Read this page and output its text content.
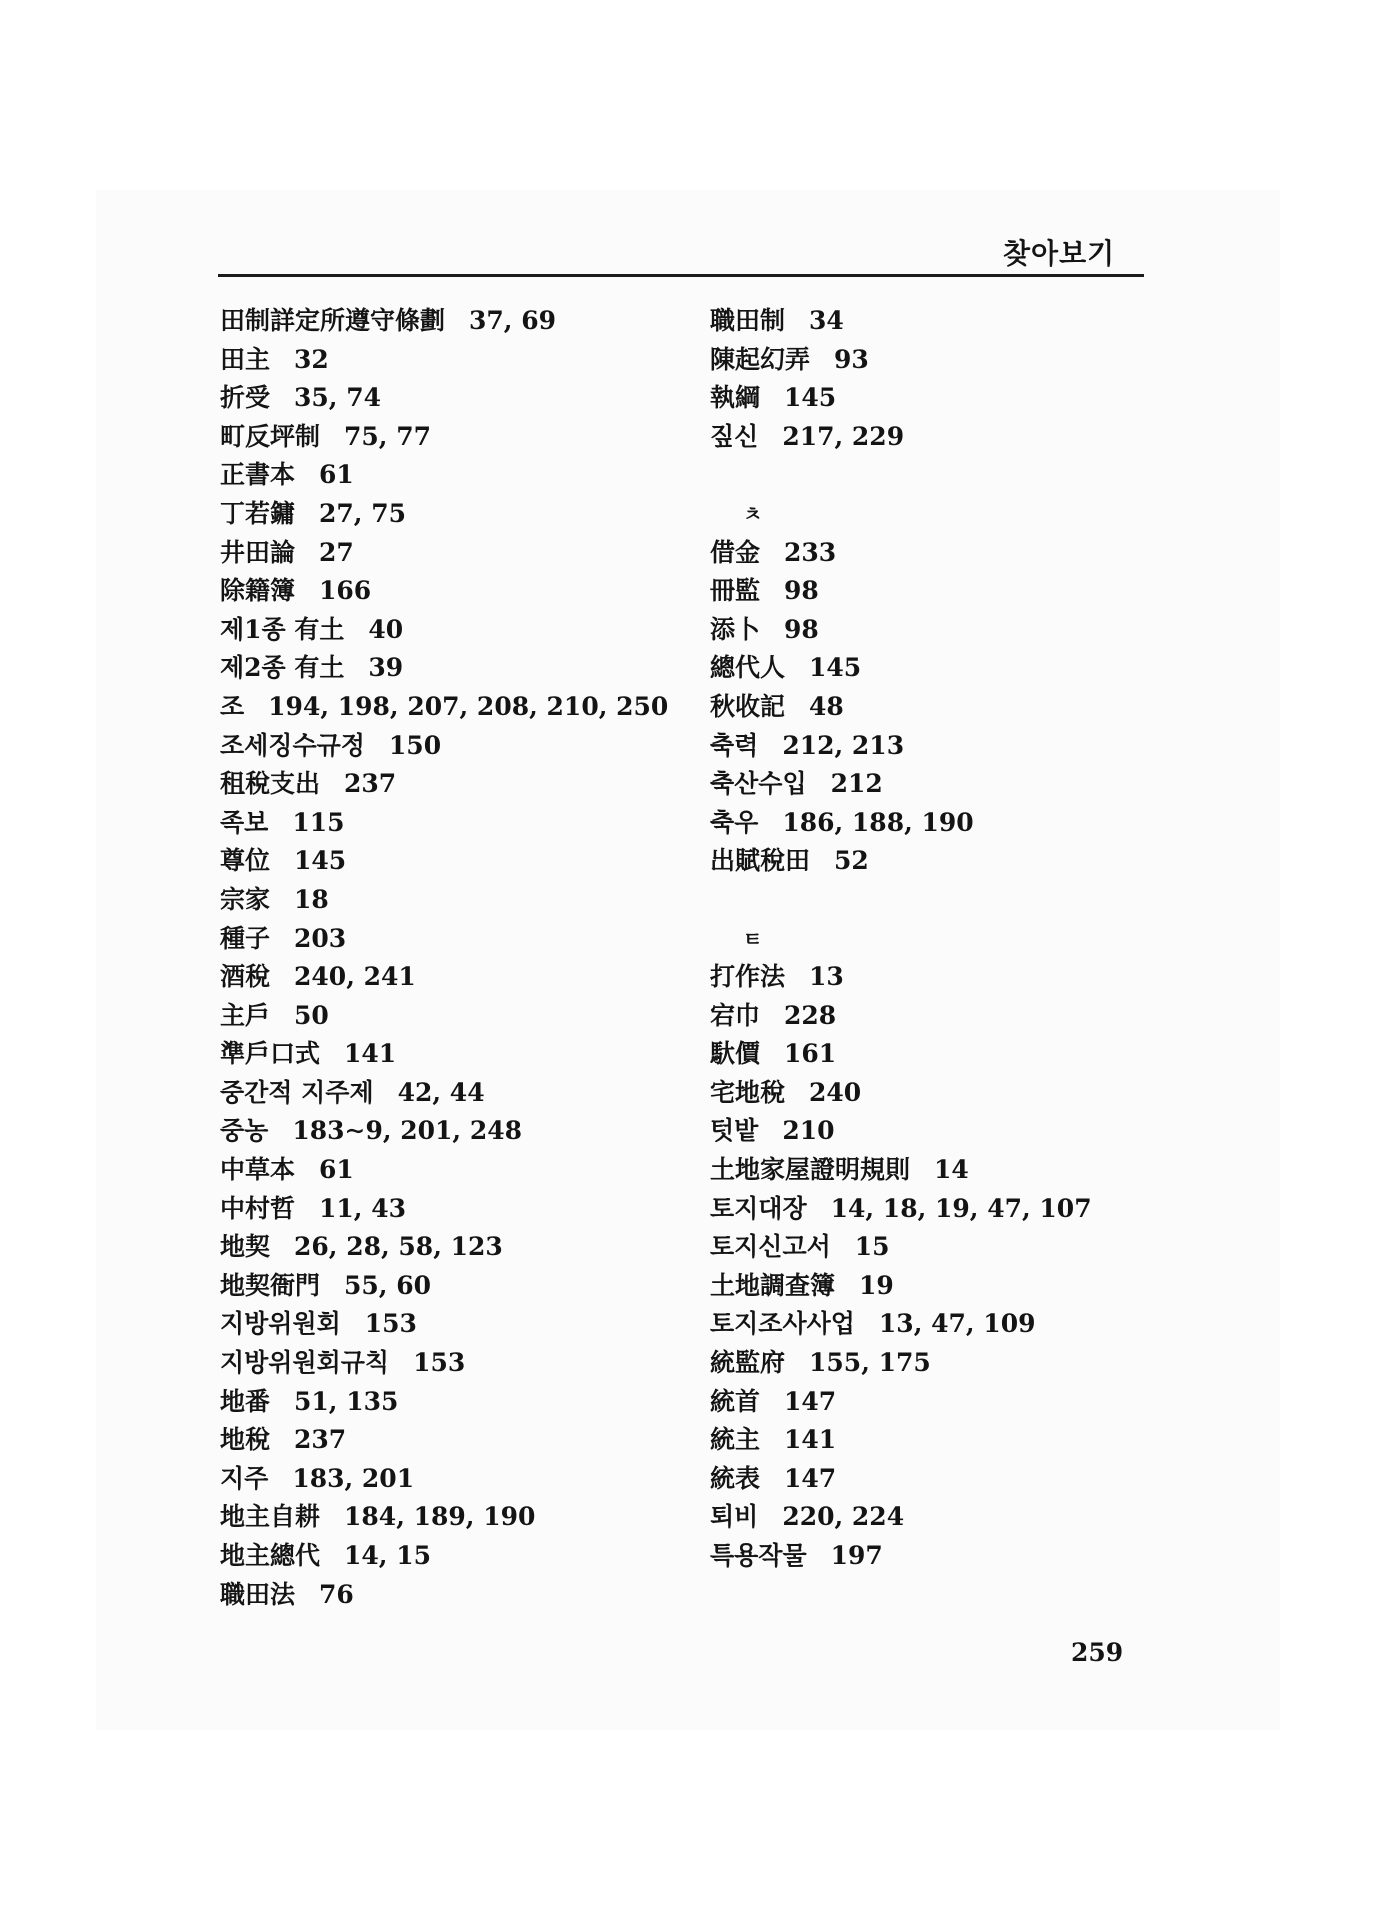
찾아보기
田制詳定所遵守條劃 37, 69
田主 32
折受 35, 74
町反坪制 75, 77
正書本 61
丁若鏞 27, 75
井田論 27
除籍簿 166
제1종 有土 40
제2종 有土 39
조 194, 198, 207, 208, 210, 250
조세징수규정 150
租稅支出 237
족보 115
尊位 145
宗家 18
種子 203
酒稅 240, 241
主戶 50
準戶口式 141
중간적 지주제 42, 44
중농 183∼9, 201, 248
中草本 61
中村哲 11, 43
地契 26, 28, 58, 123
地契衙門 55, 60
지방위원회 153
지방위원회규칙 153
地番 51, 135
地稅 237
지주 183, 201
地主自耕 184, 189, 190
地主總代 14, 15
職田法 76
職田制 34
陳起幻弄 93
執綱 145
짚신 217, 229
ㅊ
借金 233
冊監 98
添卜 98
總代人 145
秋收記 48
축력 212, 213
축산수입 212
축우 186, 188, 190
出賦稅田 52
ㅌ
打作法 13
宕巾 228
馱價 161
宅地稅 240
텃밭 210
土地家屋證明規則 14
토지대장 14, 18, 19, 47, 107
토지신고서 15
土地調查簿 19
토지조사사업 13, 47, 109
統監府 155, 175
統首 147
統主 141
統表 147
퇴비 220, 224
특용작물 197
259
